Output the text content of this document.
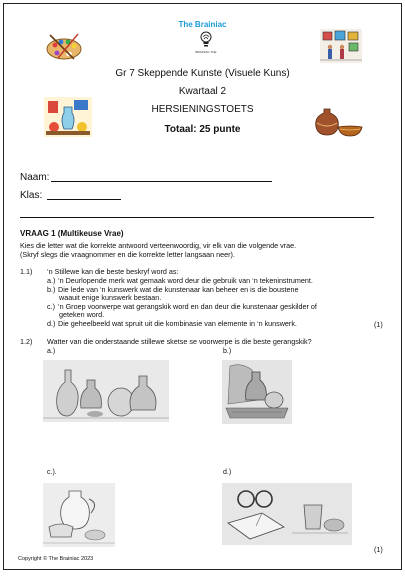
The Brainiac
BRAINIAC THE
Gr 7 Skeppende Kunste (Visuele Kuns)
Kwartaal 2
HERSIENINGSTOETS
Totaal: 25 punte
Naam:
Klas:
VRAAG 1 (Multikeuse Vrae)
Kies die letter wat die korrekte antwoord verteenwoordig, vir elk van die volgende vrae.
(Skryf slegs die vraagnommer en die korrekte letter langsaan neer).
1.1) ‘n Stillewe kan die beste beskryf word as:
a.) ‘n Deurlopende merk wat gemaak word deur die gebruik van ‘n tekeninstrument.
b.) Die lede van ‘n kunswerk wat die kunstenaar kan beheer en is die boustene
waauit enige kunswerk bestaan.
c.) ‘n Groep voorwerpe wat gerangskik word en dan deur die kunstenaar geskilder of
geteken word.
d.) Die geheelbeeld wat spruit uit die kombinasie van elemente in ‘n kunswerk.	(1)
1.2) Watter van die onderstaande stillewe sketse se voorwerpe is die beste gerangskik?
a.)	b.)
c.).	d.)
(1)
Copyright © The Brainiac 2023
